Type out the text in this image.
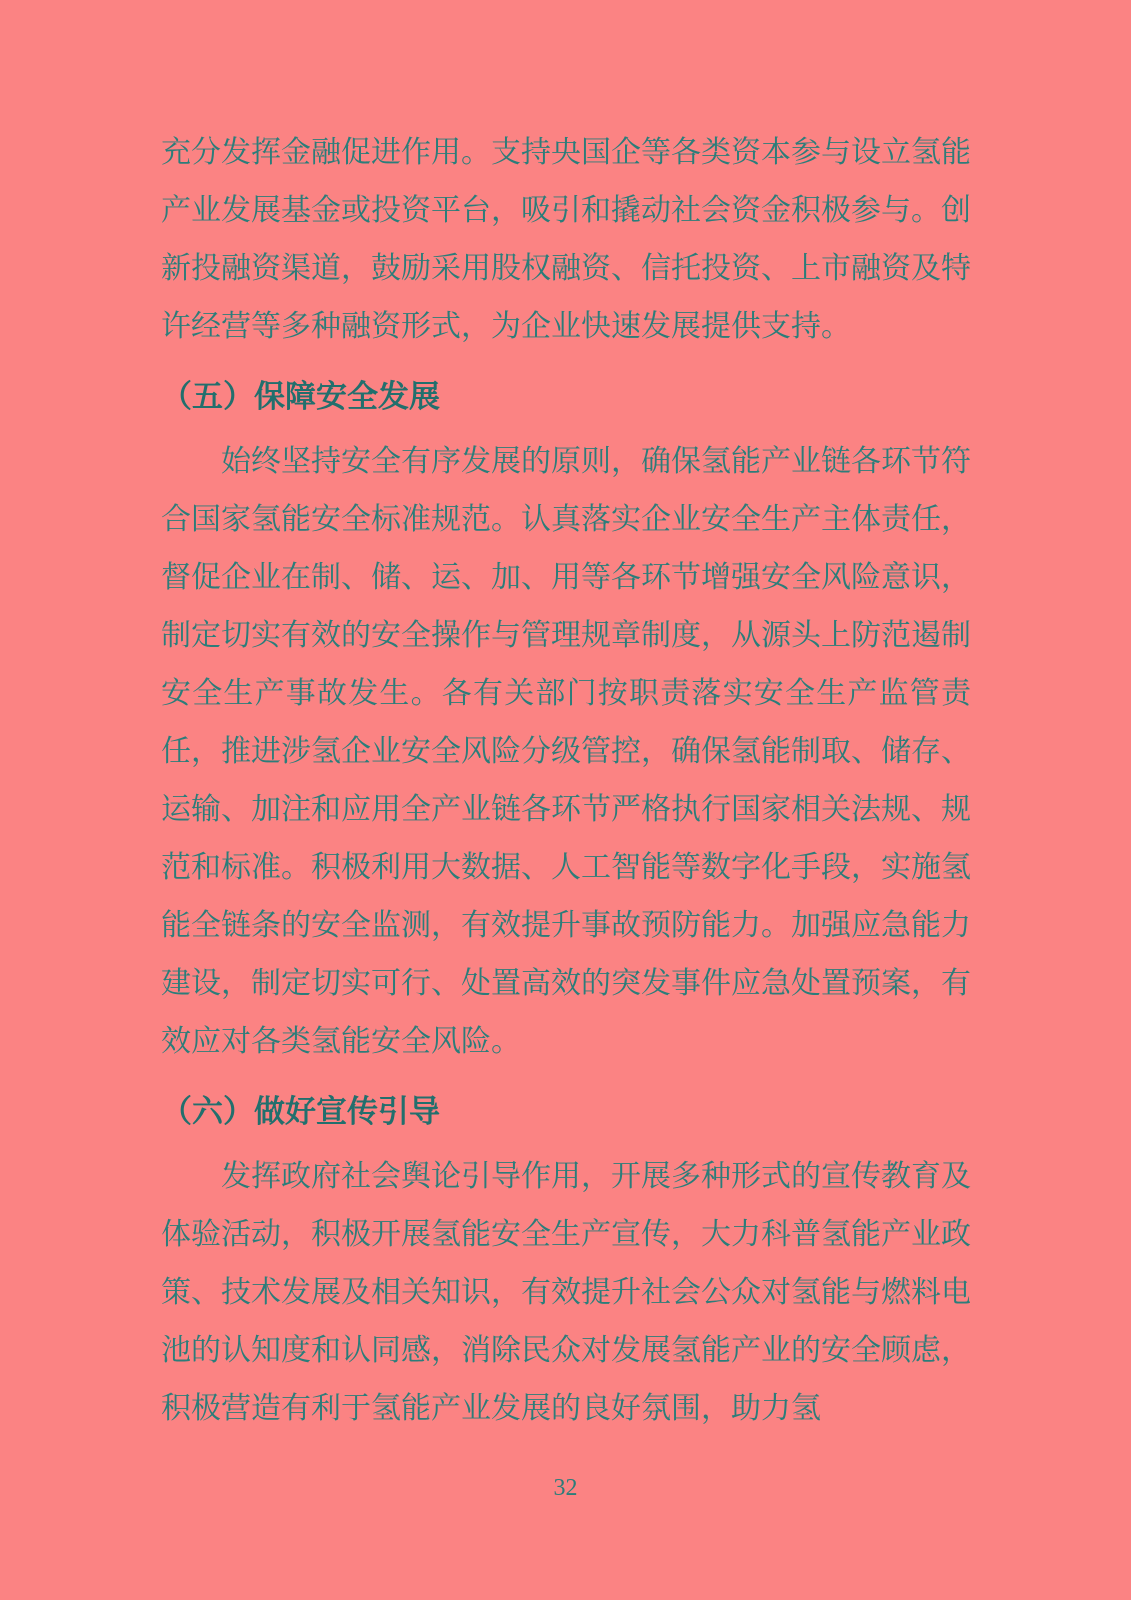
充分发挥金融促进作用。支持央国企等各类资本参与设立氢能产业发展基金或投资平台，吸引和撬动社会资金积极参与。创新投融资渠道，鼓励采用股权融资、信托投资、上市融资及特许经营等多种融资形式，为企业快速发展提供支持。

（五）保障安全发展

始终坚持安全有序发展的原则，确保氢能产业链各环节符合国家氢能安全标准规范。认真落实企业安全生产主体责任，督促企业在制、储、运、加、用等各环节增强安全风险意识，制定切实有效的安全操作与管理规章制度，从源头上防范遏制安全生产事故发生。各有关部门按职责落实安全生产监管责任，推进涉氢企业安全风险分级管控，确保氢能制取、储存、运输、加注和应用全产业链各环节严格执行国家相关法规、规范和标准。积极利用大数据、人工智能等数字化手段，实施氢能全链条的安全监测，有效提升事故预防能力。加强应急能力建设，制定切实可行、处置高效的突发事件应急处置预案，有效应对各类氢能安全风险。

（六）做好宣传引导

发挥政府社会舆论引导作用，开展多种形式的宣传教育及体验活动，积极开展氢能安全生产宣传，大力科普氢能产业政策、技术发展及相关知识，有效提升社会公众对氢能与燃料电池的认知度和认同感，消除民众对发展氢能产业的安全顾虑，积极营造有利于氢能产业发展的良好氛围，助力氢

32
